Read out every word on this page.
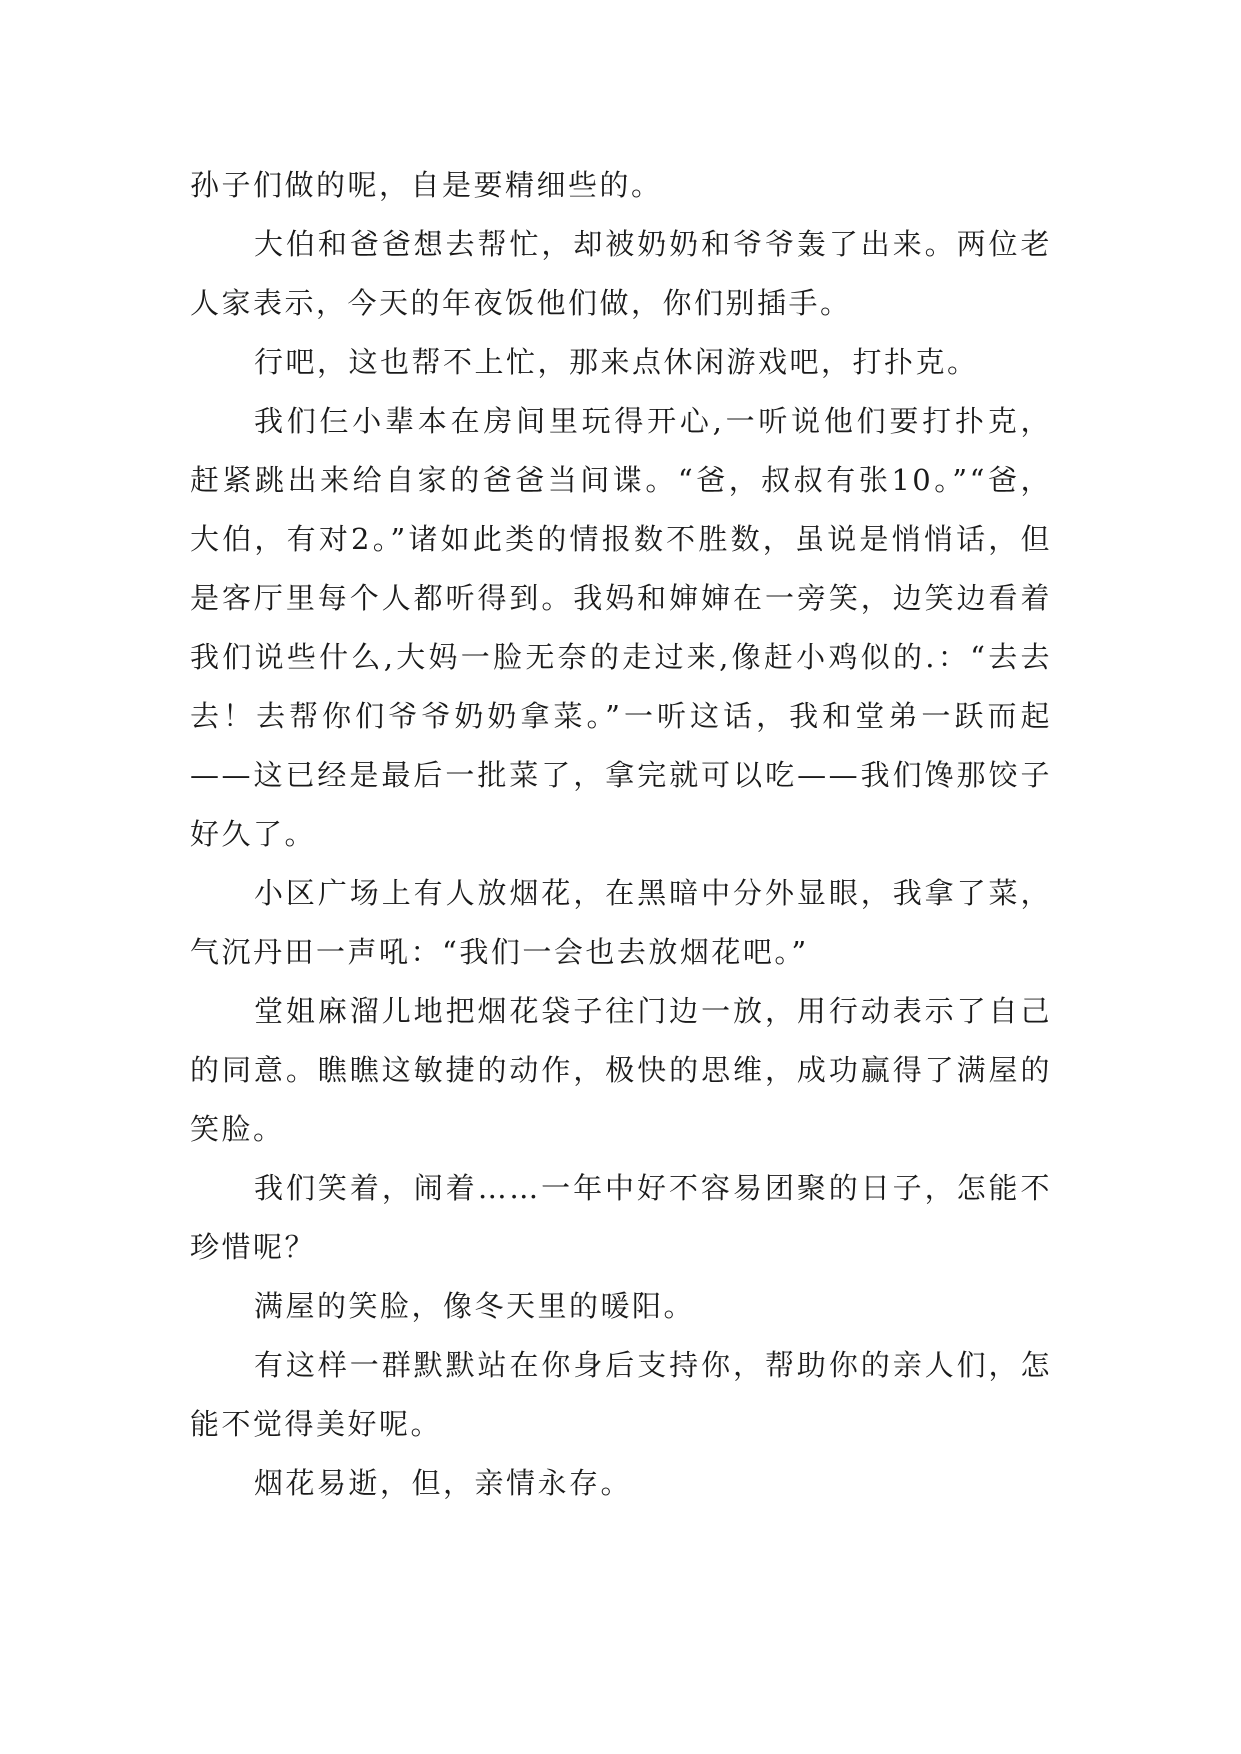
孙子们做的呢，自是要精细些的。

大伯和爸爸想去帮忙，却被奶奶和爷爷轰了出来。两位老人家表示，今天的年夜饭他们做，你们别插手。

行吧，这也帮不上忙，那来点休闲游戏吧，打扑克。

我们仨小辈本在房间里玩得开心,一听说他们要打扑克，赶紧跳出来给自家的爸爸当间谍。“爸，叔叔有张10。”“爸，大伯，有对2。”诸如此类的情报数不胜数，虽说是悄悄话，但是客厅里每个人都听得到。我妈和婶婶在一旁笑，边笑边看着我们说些什么,大妈一脸无奈的走过来,像赶小鸡似的.：“去去去！去帮你们爷爷奶奶拿菜。”一听这话，我和堂弟一跃而起——这已经是最后一批菜了，拿完就可以吃——我们馋那饺子好久了。

小区广场上有人放烟花，在黑暗中分外显眼，我拿了菜，气沉丹田一声吼：“我们一会也去放烟花吧。”

堂姐麻溜儿地把烟花袋子往门边一放，用行动表示了自己的同意。瞧瞧这敏捷的动作，极快的思维，成功赢得了满屋的笑脸。

我们笑着，闹着……一年中好不容易团聚的日子，怎能不珍惜呢？

满屋的笑脸，像冬天里的暖阳。

有这样一群默默站在你身后支持你，帮助你的亲人们，怎能不觉得美好呢。

烟花易逝，但，亲情永存。
